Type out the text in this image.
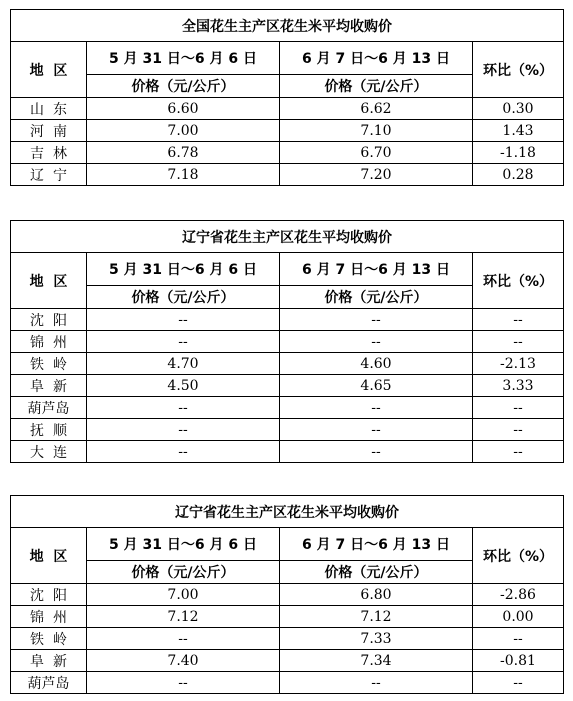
全国花生主产区花生米平均收购价			
地  区	5 月 31 日～6 月 6 日	6 月 7 日～6 月 13 日	环比（%）
	价格（元/公斤）	价格（元/公斤）	
山  东	6.60	6.62	0.30
河  南	7.00	7.10	1.43
吉  林	6.78	6.70	-1.18
辽  宁	7.18	7.20	0.28
辽宁省花生主产区花生平均收购价			
地  区	5 月 31 日～6 月 6 日	6 月 7 日～6 月 13 日	环比（%）
	价格（元/公斤）	价格（元/公斤）	
沈  阳	--	--	--
锦  州	--	--	--
铁  岭	4.70	4.60	-2.13
阜  新	4.50	4.65	3.33
葫芦岛	--	--	--
抚  顺	--	--	--
大  连	--	--	--
辽宁省花生主产区花生米平均收购价			
地  区	5 月 31 日～6 月 6 日	6 月 7 日～6 月 13 日	环比（%）
	价格（元/公斤）	价格（元/公斤）	
沈  阳	7.00	6.80	-2.86
锦  州	7.12	7.12	0.00
铁  岭	--	7.33	--
阜  新	7.40	7.34	-0.81
葫芦岛	--	--	--
